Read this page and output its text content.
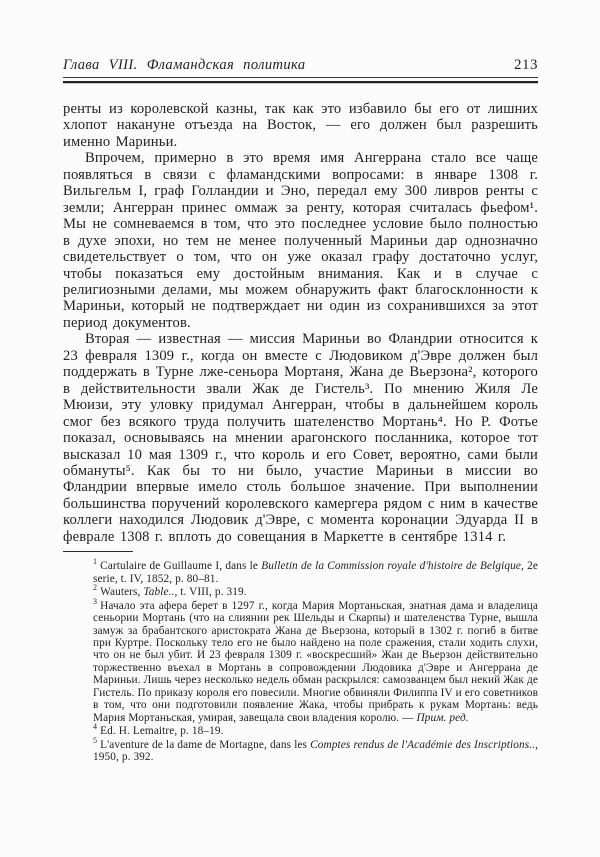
Глава VIII. Фламандская политика	213

ренты из королевской казны, так как это избавило бы его от лишних хлопот накануне отъезда на Восток, — его должен был разрешить именно Мариньи.

Впрочем, примерно в это время имя Ангеррана стало все чаще появляться в связи с фламандскими вопросами: в январе 1308 г. Вильгельм I, граф Голландии и Эно, передал ему 300 ливров ренты с земли; Ангерран принес оммаж за ренту, которая считалась фьефом¹. Мы не сомневаемся в том, что это последнее условие было полностью в духе эпохи, но тем не менее полученный Мариньи дар однозначно свидетельствует о том, что он уже оказал графу достаточно услуг, чтобы показаться ему достойным внимания. Как и в случае с религиозными делами, мы можем обнаружить факт благосклонности к Мариньи, который не подтверждает ни один из сохранившихся за этот период документов.

Вторая — известная — миссия Мариньи во Фландрии относится к 23 февраля 1309 г., когда он вместе с Людовиком д'Эвре должен был поддержать в Турне лже-сеньора Мортаня, Жана де Вьерзона², которого в действительности звали Жак де Гистель³. По мнению Жиля Ле Мюизи, эту уловку придумал Ангерран, чтобы в дальнейшем король смог без всякого труда получить шателенство Мортань⁴. Но Р. Фотье показал, основываясь на мнении арагонского посланника, которое тот высказал 10 мая 1309 г., что король и его Совет, вероятно, сами были обмануты⁵. Как бы то ни было, участие Мариньи в миссии во Фландрии впервые имело столь большое значение. При выполнении большинства поручений королевского камергера рядом с ним в качестве коллеги находился Людовик д'Эвре, с момента коронации Эдуарда II в феврале 1308 г. вплоть до совещания в Маркетте в сентябре 1314 г.

$^1$ Cartulaire de Guillaume I, dans le Bulletin de la Commission royale d'histoire de Belgique, 2e serie, t. IV, 1852, p. 80–81.
$^2$ Wauters, Table.., t. VIII, p. 319.
$^3$ Начало эта афера берет в 1297 г., когда Мария Мортаньская, знатная дама и владелица сеньории Мортань (что на слиянии рек Шельды и Скарпы) и шателенства Турне, вышла замуж за брабантского аристократа Жана де Вьерзона, который в 1302 г. погиб в битве при Куртре. Поскольку тело его не было найдено на поле сражения, стали ходить слухи, что он не был убит. И 23 февраля 1309 г. «воскресший» Жан де Вьерзон действительно торжественно въехал в Мортань в сопровождении Людовика д'Эвре и Ангеррана де Мариньи. Лишь через несколько недель обман раскрылся: самозванцем был некий Жак де Гистель. По приказу короля его повесили. Многие обвиняли Филиппа IV и его советников в том, что они подготовили появление Жака, чтобы прибрать к рукам Мортань: ведь Мария Мортаньская, умирая, завещала свои владения королю. — Прим. ред.
$^4$ Ed. H. Lemaitre, p. 18–19.
$^5$ L'aventure de la dame de Mortagne, dans les Comptes rendus de l'Académie des Inscriptions.., 1950, p. 392.
